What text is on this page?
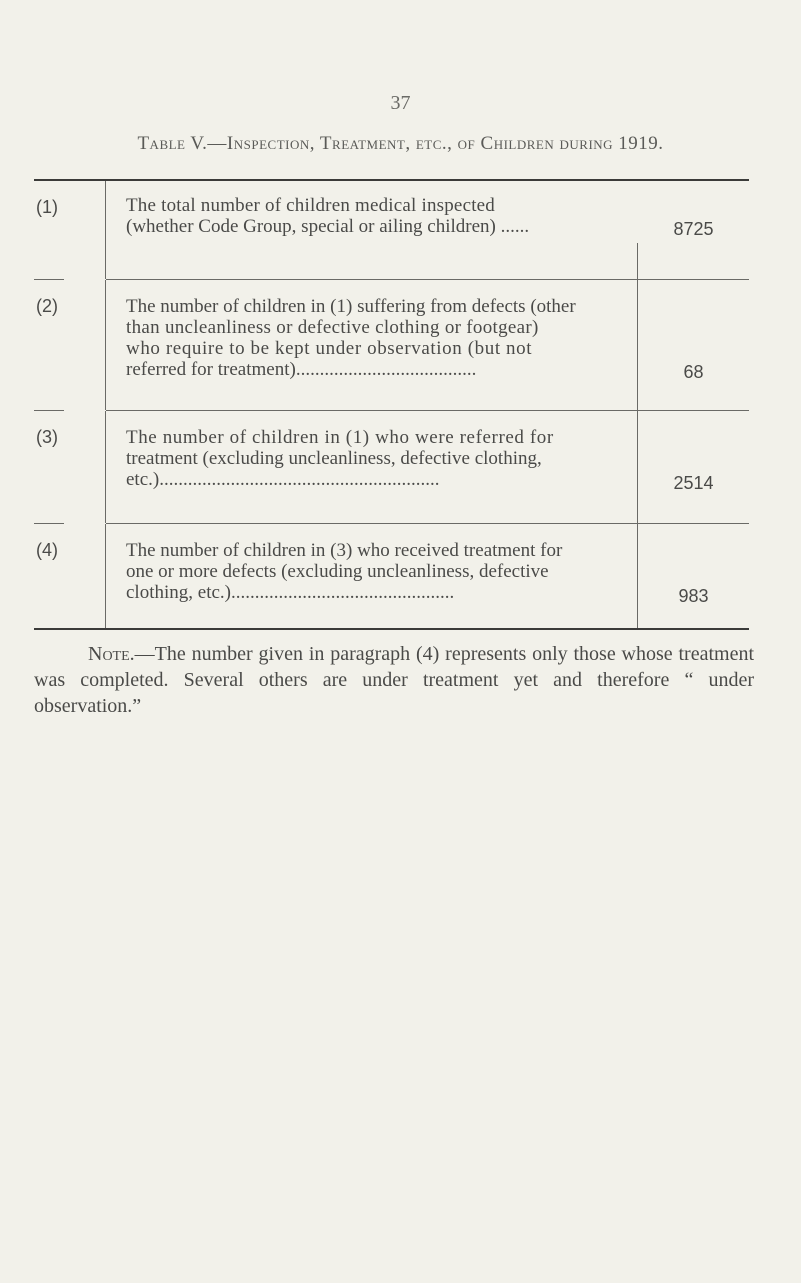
37
Table V.—Inspection, Treatment, etc., of Children during 1919.
(1)	The total number of children medical inspected
(whether Code Group, special or ailing children) ......	8725
(2)	The number of children in (1) suffering from defects (other
than uncleanliness or defective clothing or footgear)
who require to be kept under observation (but not
referred for treatment)......................................	68
(3)	The number of children in (1) who were referred for
treatment (excluding uncleanliness, defective clothing,
etc.)...........................................................	2514
(4)	The number of children in (3) who received treatment for
one or more defects (excluding uncleanliness, defective
clothing, etc.)...............................................	983
Note.—The number given in paragraph (4) represents only those whose treatment was completed. Several others are under treatment yet and therefore “ under observation.”
